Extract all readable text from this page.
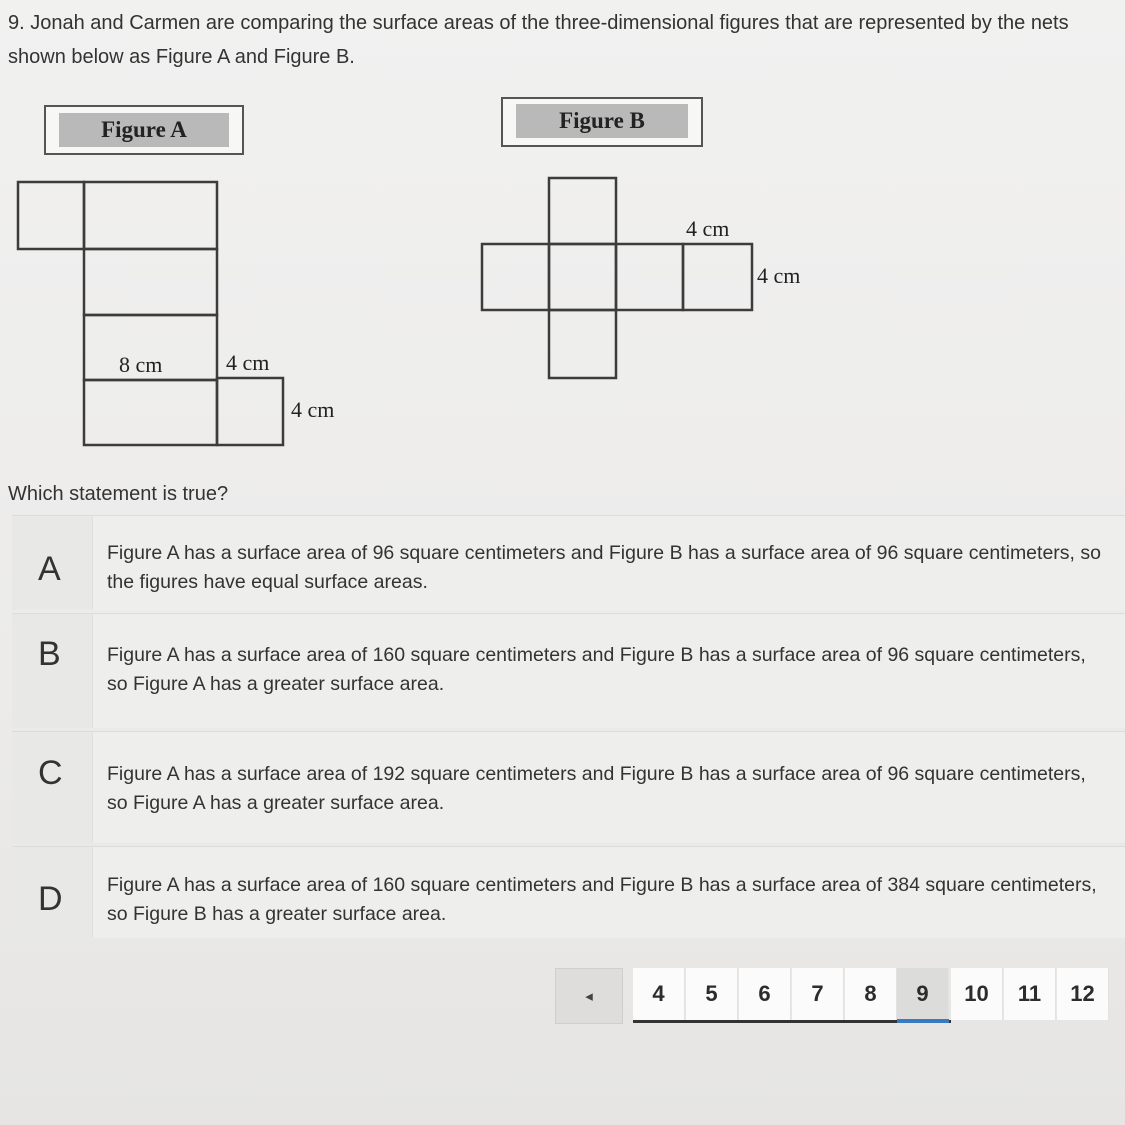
9. Jonah and Carmen are comparing the surface areas of the three-dimensional figures that are represented by the nets shown below as Figure A and Figure B.
Figure A	Figure B
8 cm	4 cm
4 cm
4 cm
4 cm
Which statement is true?
A Figure A has a surface area of 96 square centimeters and Figure B has a surface area of 96 square centimeters, so the figures have equal surface areas.
B Figure A has a surface area of 160 square centimeters and Figure B has a surface area of 96 square centimeters, so Figure A has a greater surface area.
C Figure A has a surface area of 192 square centimeters and Figure B has a surface area of 96 square centimeters, so Figure A has a greater surface area.
D Figure A has a surface area of 160 square centimeters and Figure B has a surface area of 384 square centimeters, so Figure B has a greater surface area.
◂	4	5	6	7	8	9	10	11	12
